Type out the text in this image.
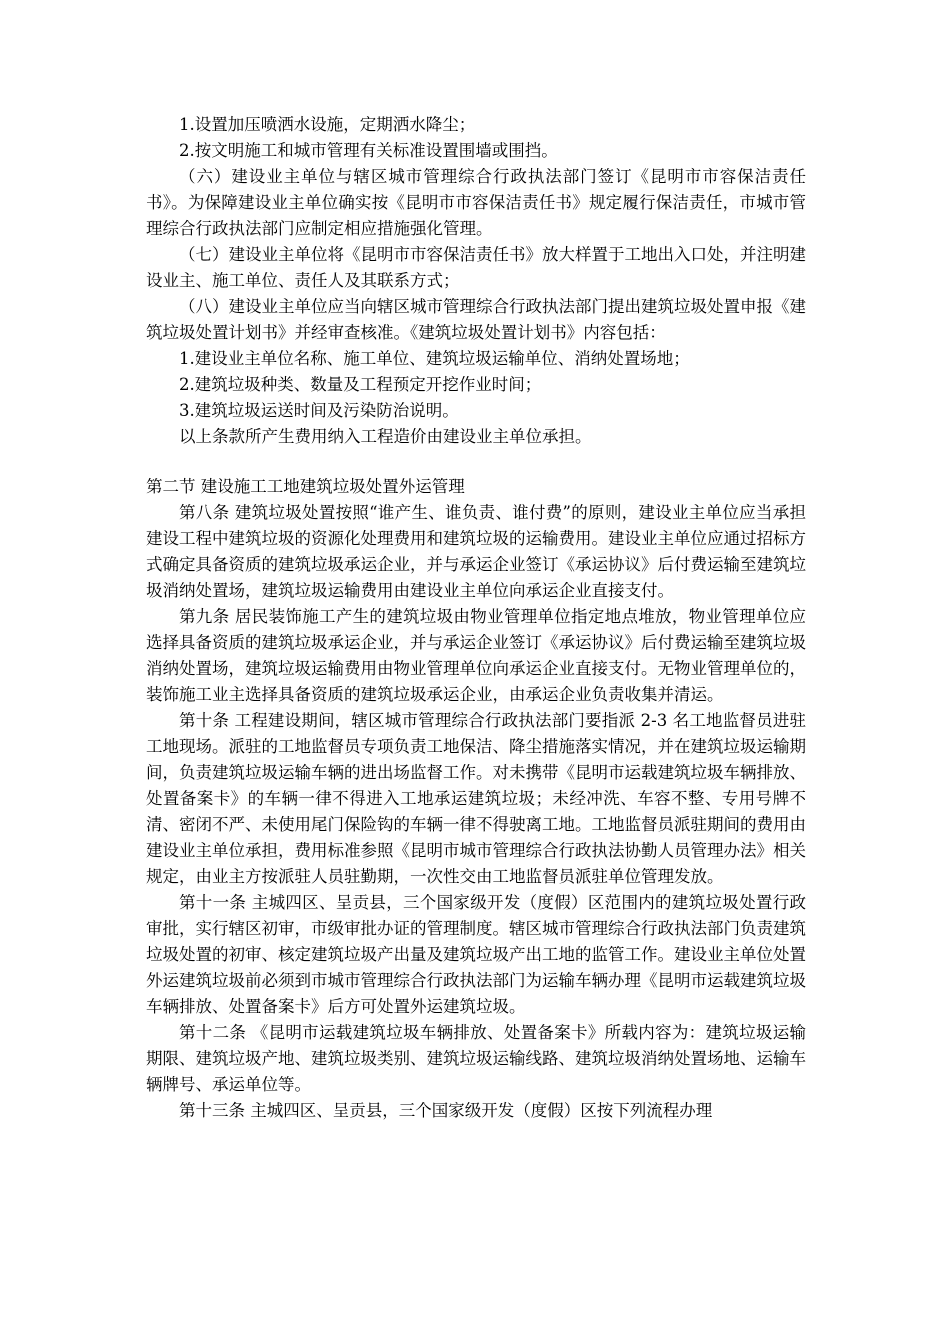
1.设置加压喷洒水设施，定期洒水降尘；

2.按文明施工和城市管理有关标准设置围墙或围挡。

（六）建设业主单位与辖区城市管理综合行政执法部门签订《昆明市市容保洁责任书》。为保障建设业主单位确实按《昆明市市容保洁责任书》规定履行保洁责任，市城市管理综合行政执法部门应制定相应措施强化管理。

（七）建设业主单位将《昆明市市容保洁责任书》放大样置于工地出入口处，并注明建设业主、施工单位、责任人及其联系方式；

（八）建设业主单位应当向辖区城市管理综合行政执法部门提出建筑垃圾处置申报《建筑垃圾处置计划书》并经审查核准。《建筑垃圾处置计划书》内容包括：

1.建设业主单位名称、施工单位、建筑垃圾运输单位、消纳处置场地；

2.建筑垃圾种类、数量及工程预定开挖作业时间；

3.建筑垃圾运送时间及污染防治说明。

以上条款所产生费用纳入工程造价由建设业主单位承担。

第二节 建设施工工地建筑垃圾处置外运管理

第八条 建筑垃圾处置按照“谁产生、谁负责、谁付费”的原则，建设业主单位应当承担建设工程中建筑垃圾的资源化处理费用和建筑垃圾的运输费用。建设业主单位应通过招标方式确定具备资质的建筑垃圾承运企业，并与承运企业签订《承运协议》后付费运输至建筑垃圾消纳处置场，建筑垃圾运输费用由建设业主单位向承运企业直接支付。

第九条 居民装饰施工产生的建筑垃圾由物业管理单位指定地点堆放，物业管理单位应选择具备资质的建筑垃圾承运企业，并与承运企业签订《承运协议》后付费运输至建筑垃圾消纳处置场，建筑垃圾运输费用由物业管理单位向承运企业直接支付。无物业管理单位的，装饰施工业主选择具备资质的建筑垃圾承运企业，由承运企业负责收集并清运。

第十条 工程建设期间，辖区城市管理综合行政执法部门要指派 2-3 名工地监督员进驻工地现场。派驻的工地监督员专项负责工地保洁、降尘措施落实情况，并在建筑垃圾运输期间，负责建筑垃圾运输车辆的进出场监督工作。对未携带《昆明市运载建筑垃圾车辆排放、处置备案卡》的车辆一律不得进入工地承运建筑垃圾；未经冲洗、车容不整、专用号牌不清、密闭不严、未使用尾门保险钩的车辆一律不得驶离工地。工地监督员派驻期间的费用由建设业主单位承担，费用标准参照《昆明市城市管理综合行政执法协勤人员管理办法》相关规定，由业主方按派驻人员驻勤期，一次性交由工地监督员派驻单位管理发放。

第十一条 主城四区、呈贡县，三个国家级开发（度假）区范围内的建筑垃圾处置行政审批，实行辖区初审，市级审批办证的管理制度。辖区城市管理综合行政执法部门负责建筑垃圾处置的初审、核定建筑垃圾产出量及建筑垃圾产出工地的监管工作。建设业主单位处置外运建筑垃圾前必须到市城市管理综合行政执法部门为运输车辆办理《昆明市运载建筑垃圾车辆排放、处置备案卡》后方可处置外运建筑垃圾。

第十二条 《昆明市运载建筑垃圾车辆排放、处置备案卡》所载内容为：建筑垃圾运输期限、建筑垃圾产地、建筑垃圾类别、建筑垃圾运输线路、建筑垃圾消纳处置场地、运输车辆牌号、承运单位等。

第十三条 主城四区、呈贡县，三个国家级开发（度假）区按下列流程办理
